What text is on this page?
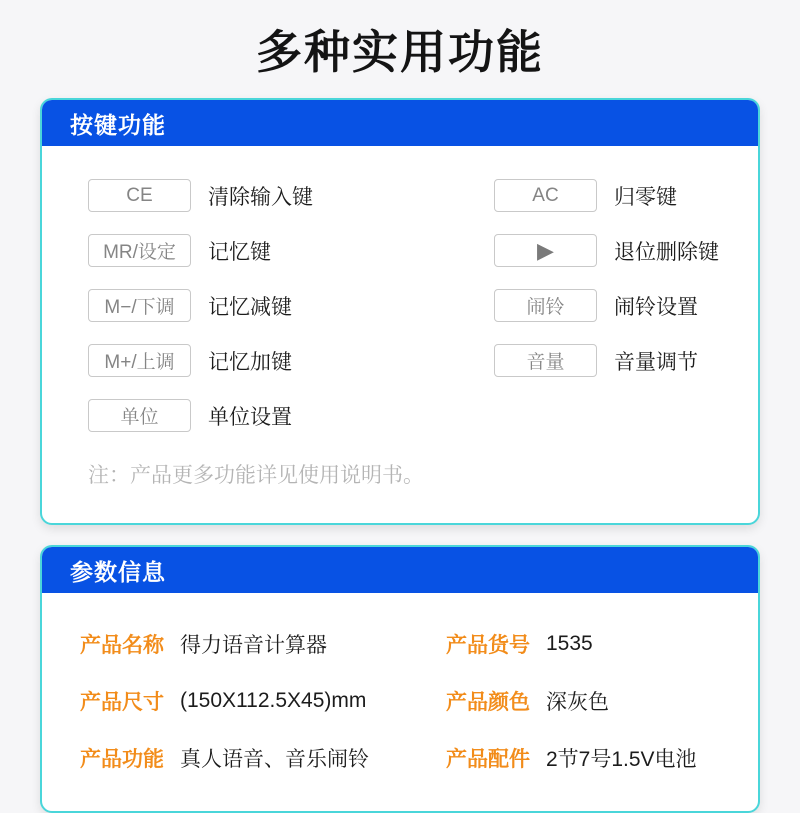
多种实用功能
按键功能
CE	清除输入键
MR/设定	记忆键
M−/下调	记忆减键
M+/上调	记忆加键
单位	单位设置
AC	归零键
▶	退位删除键
闹铃	闹铃设置
音量	音量调节
注：产品更多功能详见使用说明书。
参数信息
产品名称 得力语音计算器	产品货号 1535
产品尺寸 (150X112.5X45)mm	产品颜色 深灰色
产品功能 真人语音、音乐闹铃	产品配件 2节7号1.5V电池
